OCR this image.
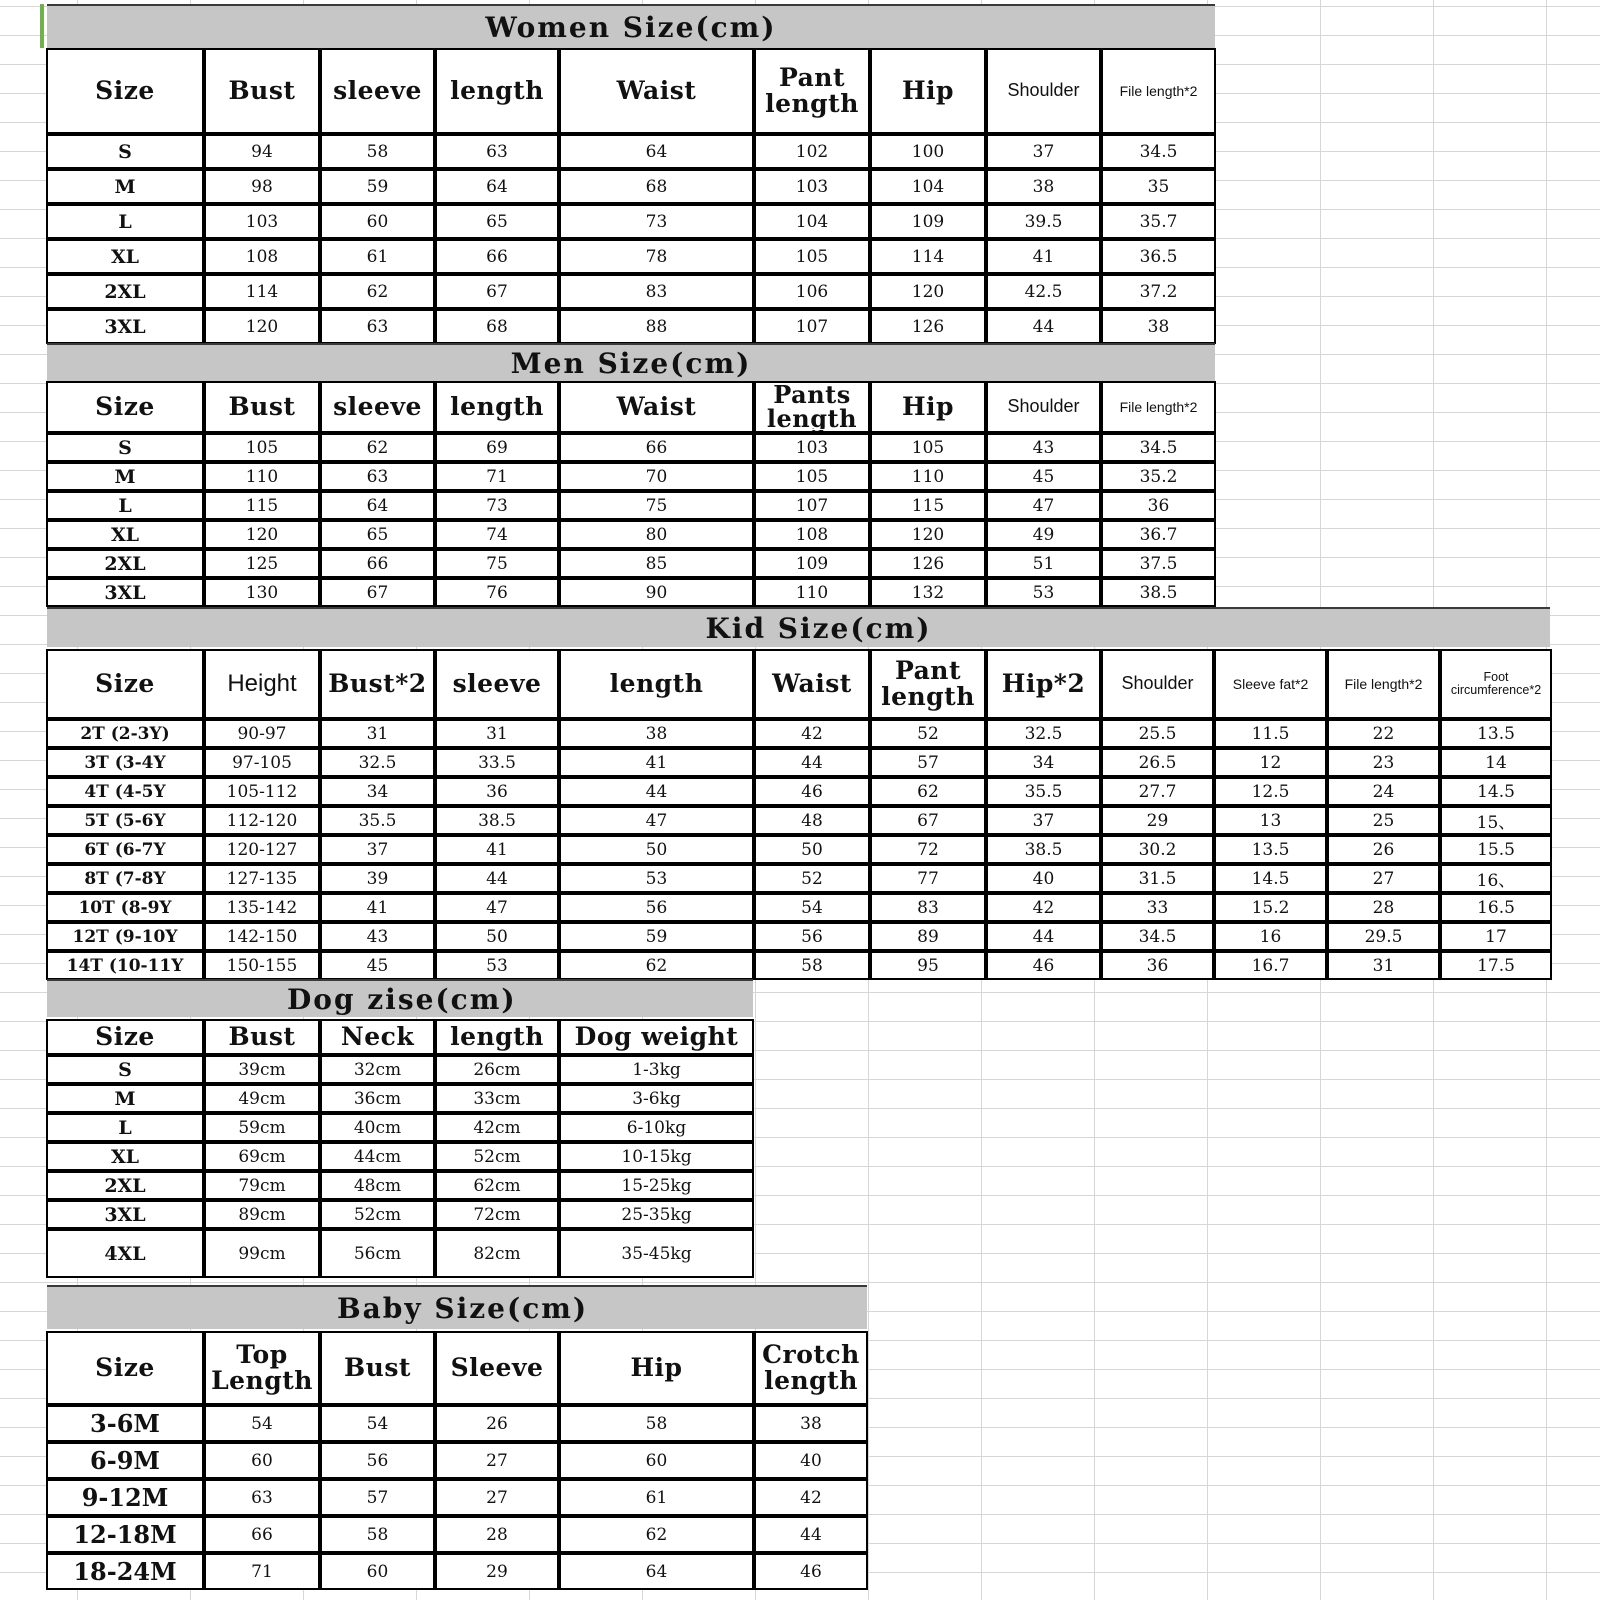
Women Size(cm)
Size	Bust	sleeve	length	Waist	Pant length	Hip	Shoulder	File length*2
S	94	58	63	64	102	100	37	34.5
M	98	59	64	68	103	104	38	35
L	103	60	65	73	104	109	39.5	35.7
XL	108	61	66	78	105	114	41	36.5
2XL	114	62	67	83	106	120	42.5	37.2
3XL	120	63	68	88	107	126	44	38
Men Size(cm)
Size	Bust	sleeve	length	Waist	Pants length	Hip	Shoulder	File length*2
S	105	62	69	66	103	105	43	34.5
M	110	63	71	70	105	110	45	35.2
L	115	64	73	75	107	115	47	36
XL	120	65	74	80	108	120	49	36.7
2XL	125	66	75	85	109	126	51	37.5
3XL	130	67	76	90	110	132	53	38.5
Kid Size(cm)
Size	Height	Bust*2	sleeve	length	Waist	Pant length	Hip*2	Shoulder	Sleeve fat*2	File length*2	Foot circumference*2
2T (2-3Y)	90-97	31	31	38	42	52	32.5	25.5	11.5	22	13.5
3T (3-4Y	97-105	32.5	33.5	41	44	57	34	26.5	12	23	14
4T (4-5Y	105-112	34	36	44	46	62	35.5	27.7	12.5	24	14.5
5T (5-6Y	112-120	35.5	38.5	47	48	67	37	29	13	25	15、
6T (6-7Y	120-127	37	41	50	50	72	38.5	30.2	13.5	26	15.5
8T (7-8Y	127-135	39	44	53	52	77	40	31.5	14.5	27	16、
10T (8-9Y	135-142	41	47	56	54	83	42	33	15.2	28	16.5
12T (9-10Y	142-150	43	50	59	56	89	44	34.5	16	29.5	17
14T (10-11Y	150-155	45	53	62	58	95	46	36	16.7	31	17.5
Dog zise(cm)
Size	Bust	Neck	length	Dog weight
S	39cm	32cm	26cm	1-3kg
M	49cm	36cm	33cm	3-6kg
L	59cm	40cm	42cm	6-10kg
XL	69cm	44cm	52cm	10-15kg
2XL	79cm	48cm	62cm	15-25kg
3XL	89cm	52cm	72cm	25-35kg
4XL	99cm	56cm	82cm	35-45kg
Baby Size(cm)
Size	Top Length	Bust	Sleeve	Hip	Crotch length
3-6M	54	54	26	58	38
6-9M	60	56	27	60	40
9-12M	63	57	27	61	42
12-18M	66	58	28	62	44
18-24M	71	60	29	64	46
